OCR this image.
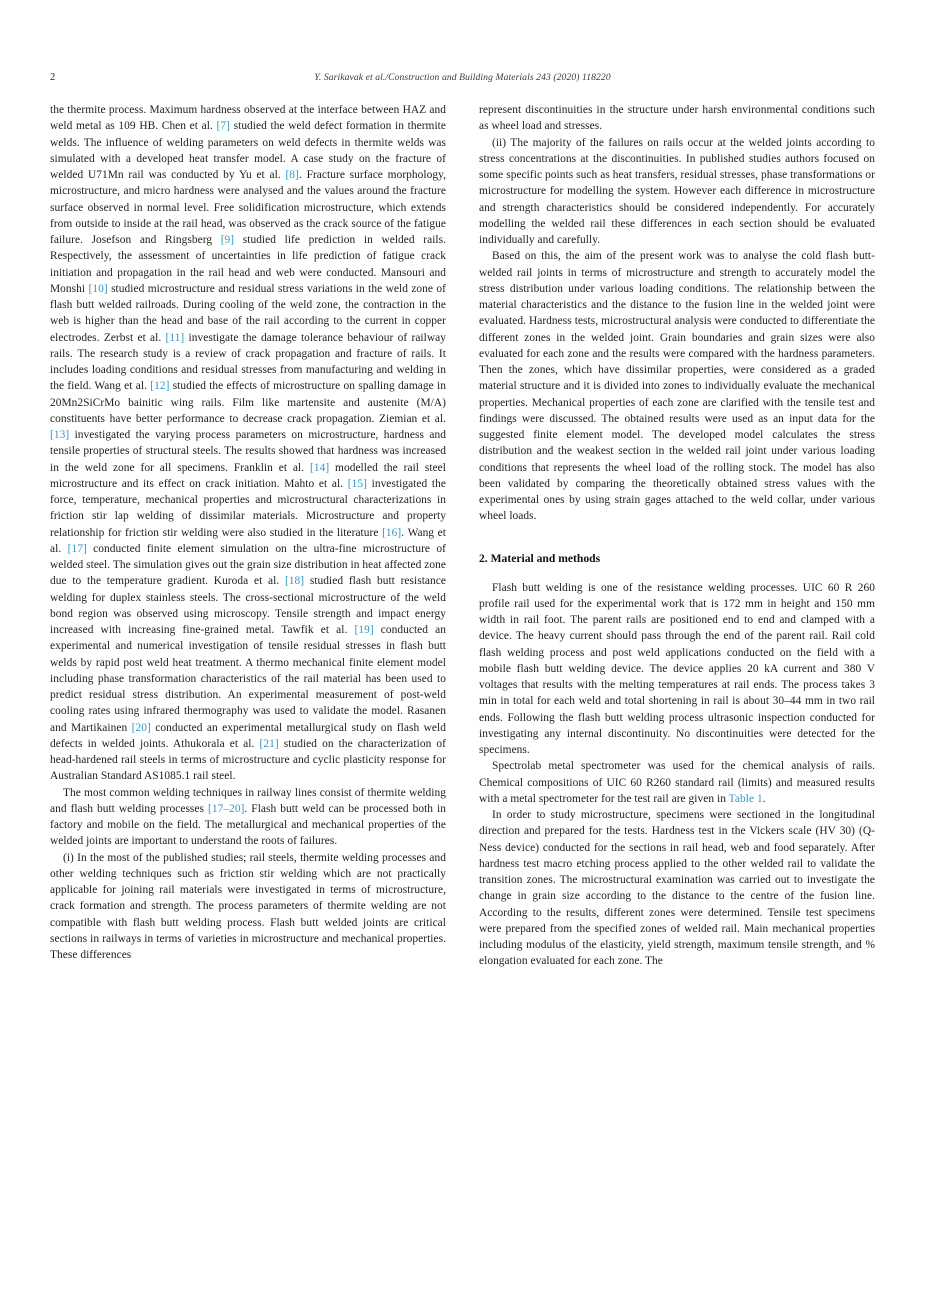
2	Y. Sarikavak et al./Construction and Building Materials 243 (2020) 118220

the thermite process. Maximum hardness observed at the interface between HAZ and weld metal as 109 HB. Chen et al. [7] studied the weld defect formation in thermite welds. The influence of welding parameters on weld defects in thermite welds was simulated with a developed heat transfer model. A case study on the fracture of welded U71Mn rail was conducted by Yu et al. [8]. Fracture surface morphology, microstructure, and micro hardness were analysed and the values around the fracture surface observed in normal level. Free solidification microstructure, which extends from outside to inside at the rail head, was observed as the crack source of the fatigue failure. Josefson and Ringsberg [9] studied life prediction in welded rails. Respectively, the assessment of uncertainties in life prediction of fatigue crack initiation and propagation in the rail head and web were conducted. Mansouri and Monshi [10] studied microstructure and residual stress variations in the weld zone of flash butt welded railroads. During cooling of the weld zone, the contraction in the web is higher than the head and base of the rail according to the current in copper electrodes. Zerbst et al. [11] investigate the damage tolerance behaviour of railway rails. The research study is a review of crack propagation and fracture of rails. It includes loading conditions and residual stresses from manufacturing and welding in the field. Wang et al. [12] studied the effects of microstructure on spalling damage in 20Mn2SiCrMo bainitic wing rails. Film like martensite and austenite (M/A) constituents have better performance to decrease crack propagation. Ziemian et al. [13] investigated the varying process parameters on microstructure, hardness and tensile properties of structural steels. The results showed that hardness was increased in the weld zone for all specimens. Franklin et al. [14] modelled the rail steel microstructure and its effect on crack initiation. Mahto et al. [15] investigated the force, temperature, mechanical properties and microstructural characterizations in friction stir lap welding of dissimilar materials. Microstructure and property relationship for friction stir welding were also studied in the literature [16]. Wang et al. [17] conducted finite element simulation on the ultra-fine microstructure of welded steel. The simulation gives out the grain size distribution in heat affected zone due to the temperature gradient. Kuroda et al. [18] studied flash butt resistance welding for duplex stainless steels. The cross-sectional microstructure of the weld bond region was observed using microscopy. Tensile strength and impact energy increased with increasing fine-grained metal. Tawfik et al. [19] conducted an experimental and numerical investigation of tensile residual stresses in flash butt welds by rapid post weld heat treatment. A thermo mechanical finite element model including phase transformation characteristics of the rail material has been used to predict residual stress distribution. An experimental measurement of post-weld cooling rates using infrared thermography was used to validate the model. Rasanen and Martikainen [20] conducted an experimental metallurgical study on flash weld defects in welded joints. Athukorala et al. [21] studied on the characterization of head-hardened rail steels in terms of microstructure and cyclic plasticity response for Australian Standard AS1085.1 rail steel.

The most common welding techniques in railway lines consist of thermite welding and flash butt welding processes [17–20]. Flash butt weld can be processed both in factory and mobile on the field. The metallurgical and mechanical properties of the welded joints are important to understand the roots of failures.

(i) In the most of the published studies; rail steels, thermite welding processes and other welding techniques such as friction stir welding which are not practically applicable for joining rail materials were investigated in terms of microstructure, crack formation and strength. The process parameters of thermite welding are not compatible with flash butt welding process. Flash butt welded joints are critical sections in railways in terms of varieties in microstructure and mechanical properties. These differences

represent discontinuities in the structure under harsh environmental conditions such as wheel load and stresses.

(ii) The majority of the failures on rails occur at the welded joints according to stress concentrations at the discontinuities. In published studies authors focused on some specific points such as heat transfers, residual stresses, phase transformations or microstructure for modelling the system. However each difference in microstructure and strength characteristics should be considered independently. For accurately modelling the welded rail these differences in each section should be evaluated individually and carefully.

Based on this, the aim of the present work was to analyse the cold flash butt-welded rail joints in terms of microstructure and strength to accurately model the stress distribution under various loading conditions. The relationship between the material characteristics and the distance to the fusion line in the welded joint were evaluated. Hardness tests, microstructural analysis were conducted to differentiate the different zones in the welded joint. Grain boundaries and grain sizes were also evaluated for each zone and the results were compared with the hardness parameters. Then the zones, which have dissimilar properties, were considered as a graded material structure and it is divided into zones to individually evaluate the mechanical properties. Mechanical properties of each zone are clarified with the tensile test and findings were discussed. The obtained results were used as an input data for the suggested finite element model. The developed model calculates the stress distribution and the weakest section in the welded rail joint under various loading conditions that represents the wheel load of the rolling stock. The model has also been validated by comparing the theoretically obtained stress values with the experimental ones by using strain gages attached to the weld collar, under various wheel loads.

2. Material and methods

Flash butt welding is one of the resistance welding processes. UIC 60 R 260 profile rail used for the experimental work that is 172 mm in height and 150 mm width in rail foot. The parent rails are positioned end to end and clamped with a device. The heavy current should pass through the end of the parent rail. Rail cold flash welding process and post weld applications conducted on the field with a mobile flash butt welding device. The device applies 20 kA current and 380 V voltages that results with the melting temperatures at rail ends. The process takes 3 min in total for each weld and total shortening in rail is about 30–44 mm in two rail ends. Following the flash butt welding process ultrasonic inspection conducted for investigating any internal discontinuity. No discontinuities were detected for the specimens.

Spectrolab metal spectrometer was used for the chemical analysis of rails. Chemical compositions of UIC 60 R260 standard rail (limits) and measured results with a metal spectrometer for the test rail are given in Table 1.

In order to study microstructure, specimens were sectioned in the longitudinal direction and prepared for the tests. Hardness test in the Vickers scale (HV 30) (Q-Ness device) conducted for the sections in rail head, web and food separately. After hardness test macro etching process applied to the other welded rail to validate the transition zones. The microstructural examination was carried out to investigate the change in grain size according to the distance to the centre of the fusion line. According to the results, different zones were determined. Tensile test specimens were prepared from the specified zones of welded rail. Main mechanical properties including modulus of the elasticity, yield strength, maximum tensile strength, and % elongation evaluated for each zone. The
